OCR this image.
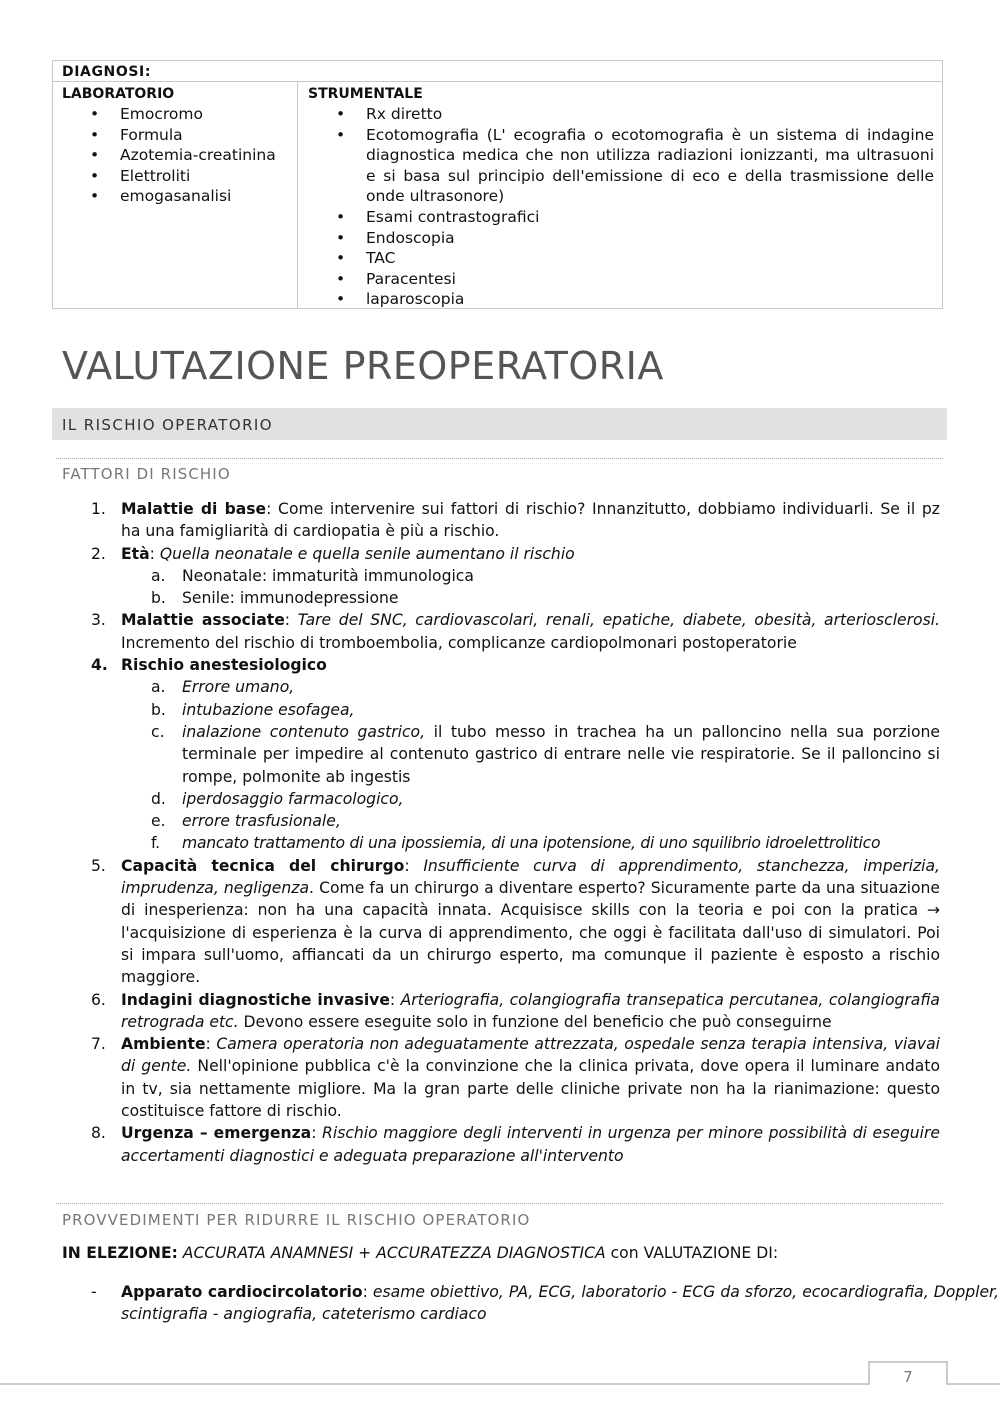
DIAGNOSI:
LABORATORIO
• Emocromo
• Formula
• Azotemia-creatinina
• Elettroliti
• emogasanalisi
STRUMENTALE
• Rx diretto
• Ecotomografia (L' ecografia o ecotomografia è un sistema di indagine diagnostica medica che non utilizza radiazioni ionizzanti, ma ultrasuoni e si basa sul principio dell'emissione di eco e della trasmissione delle onde ultrasonore)
• Esami contrastografici
• Endoscopia
• TAC
• Paracentesi
• laparoscopia
VALUTAZIONE PREOPERATORIA
IL RISCHIO OPERATORIO
FATTORI DI RISCHIO
1. Malattie di base: Come intervenire sui fattori di rischio? Innanzitutto, dobbiamo individuarli. Se il pz ha una famigliarità di cardiopatia è più a rischio.
2. Età: Quella neonatale e quella senile aumentano il rischio
a. Neonatale: immaturità immunologica
b. Senile: immunodepressione
3. Malattie associate: Tare del SNC, cardiovascolari, renali, epatiche, diabete, obesità, arteriosclerosi. Incremento del rischio di tromboembolia, complicanze cardiopolmonari postoperatorie
4. Rischio anestesiologico
a. Errore umano,
b. intubazione esofagea,
c. inalazione contenuto gastrico, il tubo messo in trachea ha un palloncino nella sua porzione terminale per impedire al contenuto gastrico di entrare nelle vie respiratorie. Se il palloncino si rompe, polmonite ab ingestis
d. iperdosaggio farmacologico,
e. errore trasfusionale,
f. mancato trattamento di una ipossiemia, di una ipotensione, di uno squilibrio idroelettrolitico
5. Capacità tecnica del chirurgo: Insufficiente curva di apprendimento, stanchezza, imperizia, imprudenza, negligenza. Come fa un chirurgo a diventare esperto? Sicuramente parte da una situazione di inesperienza: non ha una capacità innata. Acquisisce skills con la teoria e poi con la pratica → l'acquisizione di esperienza è la curva di apprendimento, che oggi è facilitata dall'uso di simulatori. Poi si impara sull'uomo, affiancati da un chirurgo esperto, ma comunque il paziente è esposto a rischio maggiore.
6. Indagini diagnostiche invasive: Arteriografia, colangiografia transepatica percutanea, colangiografia retrograda etc. Devono essere eseguite solo in funzione del beneficio che può conseguirne
7. Ambiente: Camera operatoria non adeguatamente attrezzata, ospedale senza terapia intensiva, viavai di gente. Nell'opinione pubblica c'è la convinzione che la clinica privata, dove opera il luminare andato in tv, sia nettamente migliore. Ma la gran parte delle cliniche private non ha la rianimazione: questo costituisce fattore di rischio.
8. Urgenza – emergenza: Rischio maggiore degli interventi in urgenza per minore possibilità di eseguire accertamenti diagnostici e adeguata preparazione all'intervento
PROVVEDIMENTI PER RIDURRE IL RISCHIO OPERATORIO
IN ELEZIONE: ACCURATA ANAMNESI + ACCURATEZZA DIAGNOSTICA con VALUTAZIONE DI:
- Apparato cardiocircolatorio: esame obiettivo, PA, ECG, laboratorio - ECG da sforzo, ecocardiografia, Doppler, scintigrafia - angiografia, cateterismo cardiaco
7
